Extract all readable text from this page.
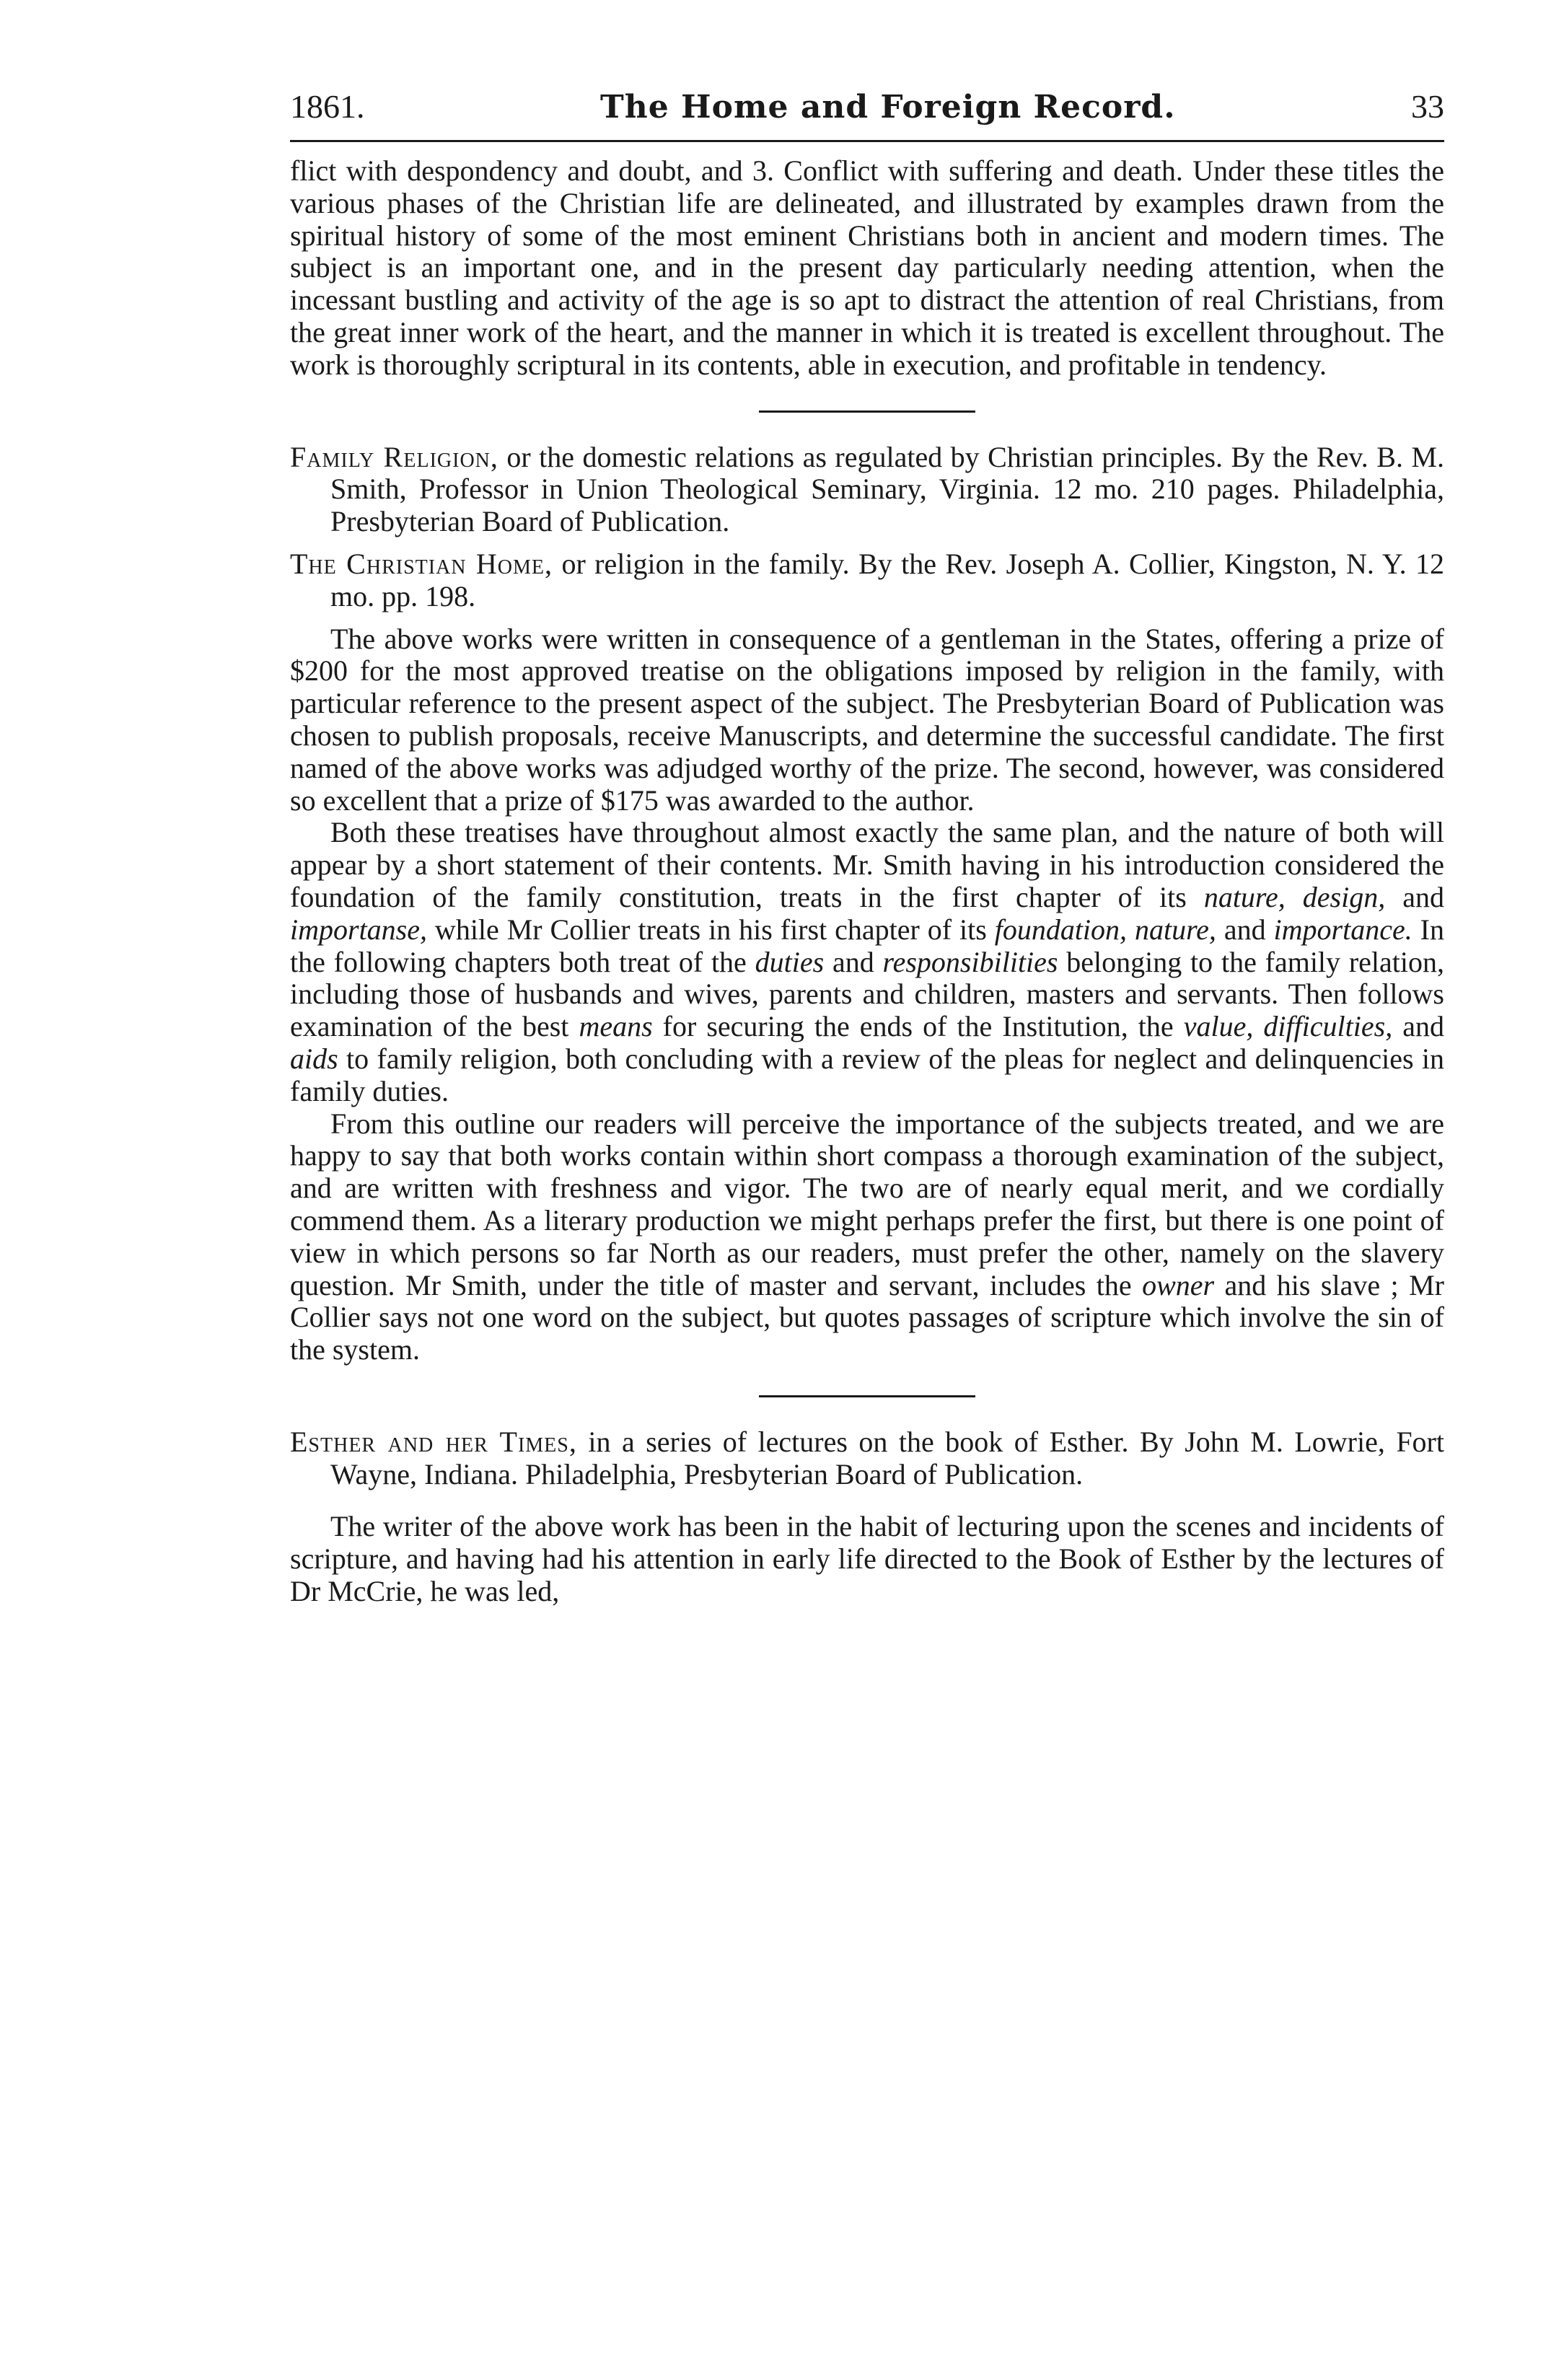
1861.	The Home and Foreign Record.	33

flict with despondency and doubt, and 3. Conflict with suffering and death. Under these titles the various phases of the Christian life are delineated, and illustrated by examples drawn from the spiritual history of some of the most eminent Christians both in ancient and modern times. The subject is an important one, and in the present day particularly needing attention, when the incessant bustling and activity of the age is so apt to distract the attention of real Christians, from the great inner work of the heart, and the manner in which it is treated is excellent throughout. The work is thoroughly scriptural in its contents, able in execution, and profitable in tendency.

Family Religion, or the domestic relations as regulated by Christian principles. By the Rev. B. M. Smith, Professor in Union Theological Seminary, Virginia. 12 mo. 210 pages. Philadelphia, Presbyterian Board of Publication.

The Christian Home, or religion in the family. By the Rev. Joseph A. Collier, Kingston, N. Y. 12 mo. pp. 198.

The above works were written in consequence of a gentleman in the States, offering a prize of $200 for the most approved treatise on the obligations imposed by religion in the family, with particular reference to the present aspect of the subject. The Presbyterian Board of Publication was chosen to publish proposals, receive Manuscripts, and determine the successful candidate. The first named of the above works was adjudged worthy of the prize. The second, however, was considered so excellent that a prize of $175 was awarded to the author.

Both these treatises have throughout almost exactly the same plan, and the nature of both will appear by a short statement of their contents. Mr. Smith having in his introduction considered the foundation of the family constitution, treats in the first chapter of its nature, design, and importanse, while Mr Collier treats in his first chapter of its foundation, nature, and importance. In the following chapters both treat of the duties and responsibilities belonging to the family relation, including those of husbands and wives, parents and children, masters and servants. Then follows examination of the best means for securing the ends of the Institution, the value, difficulties, and aids to family religion, both concluding with a review of the pleas for neglect and delinquencies in family duties.

From this outline our readers will perceive the importance of the subjects treated, and we are happy to say that both works contain within short compass a thorough examination of the subject, and are written with freshness and vigor. The two are of nearly equal merit, and we cordially commend them. As a literary production we might perhaps prefer the first, but there is one point of view in which persons so far North as our readers, must prefer the other, namely on the slavery question. Mr Smith, under the title of master and servant, includes the owner and his slave ; Mr Collier says not one word on the subject, but quotes passages of scripture which involve the sin of the system.

Esther and her Times, in a series of lectures on the book of Esther. By John M. Lowrie, Fort Wayne, Indiana. Philadelphia, Presbyterian Board of Publication.

The writer of the above work has been in the habit of lecturing upon the scenes and incidents of scripture, and having had his attention in early life directed to the Book of Esther by the lectures of Dr McCrie, he was led,
